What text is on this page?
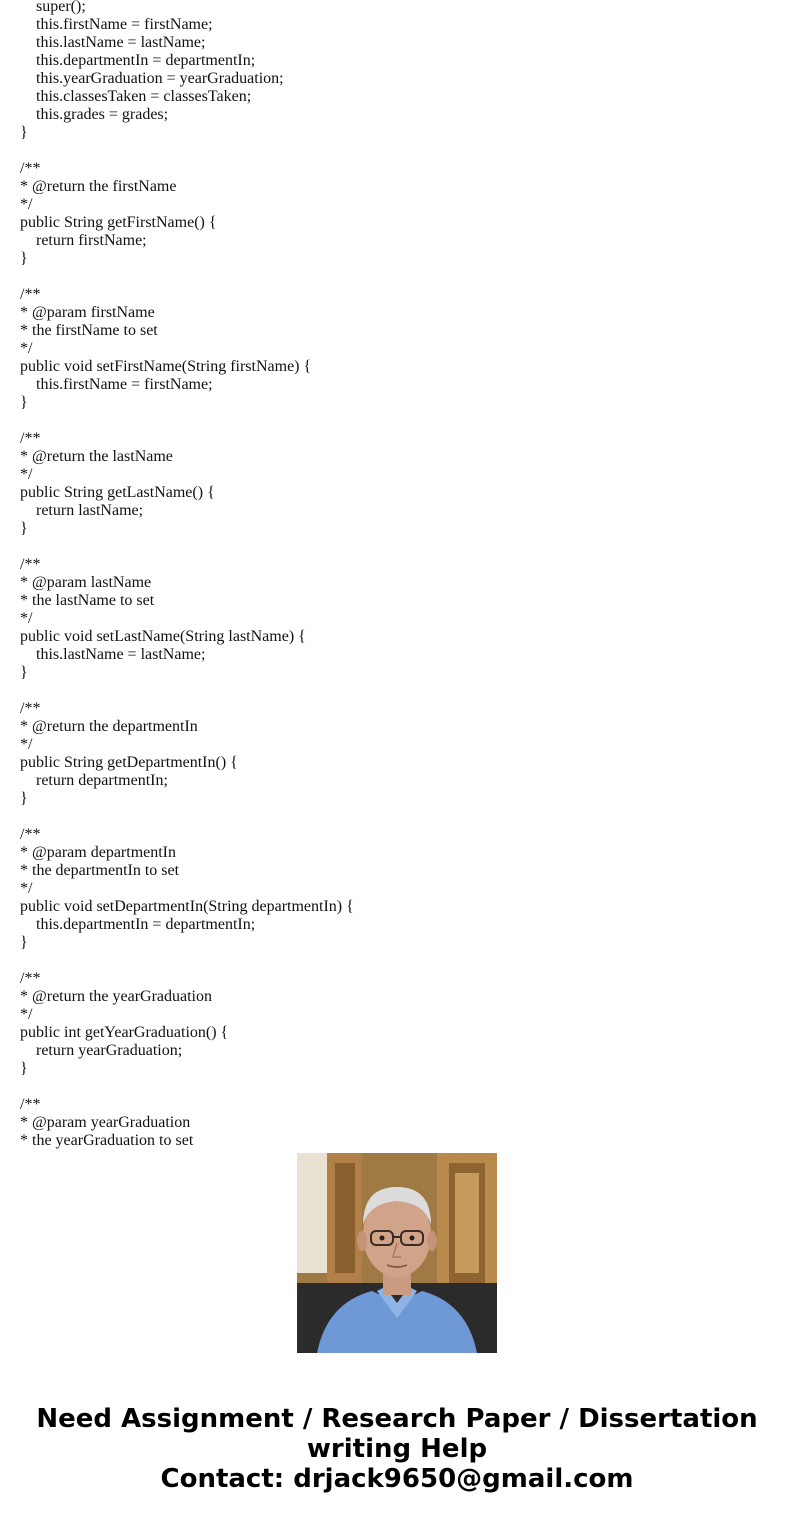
super();
this.firstName = firstName;
this.lastName = lastName;
this.departmentIn = departmentIn;
this.yearGraduation = yearGraduation;
this.classesTaken = classesTaken;
this.grades = grades;
}
/**
* @return the firstName
*/
public String getFirstName() {
return firstName;
}
/**
* @param firstName
* the firstName to set
*/
public void setFirstName(String firstName) {
this.firstName = firstName;
}
/**
* @return the lastName
*/
public String getLastName() {
return lastName;
}
/**
* @param lastName
* the lastName to set
*/
public void setLastName(String lastName) {
this.lastName = lastName;
}
/**
* @return the departmentIn
*/
public String getDepartmentIn() {
return departmentIn;
}
/**
* @param departmentIn
* the departmentIn to set
*/
public void setDepartmentIn(String departmentIn) {
this.departmentIn = departmentIn;
}
/**
* @return the yearGraduation
*/
public int getYearGraduation() {
return yearGraduation;
}
/**
* @param yearGraduation
* the yearGraduation to set
Need Assignment / Research Paper / Dissertation
writing Help
Contact: drjack9650@gmail.com
